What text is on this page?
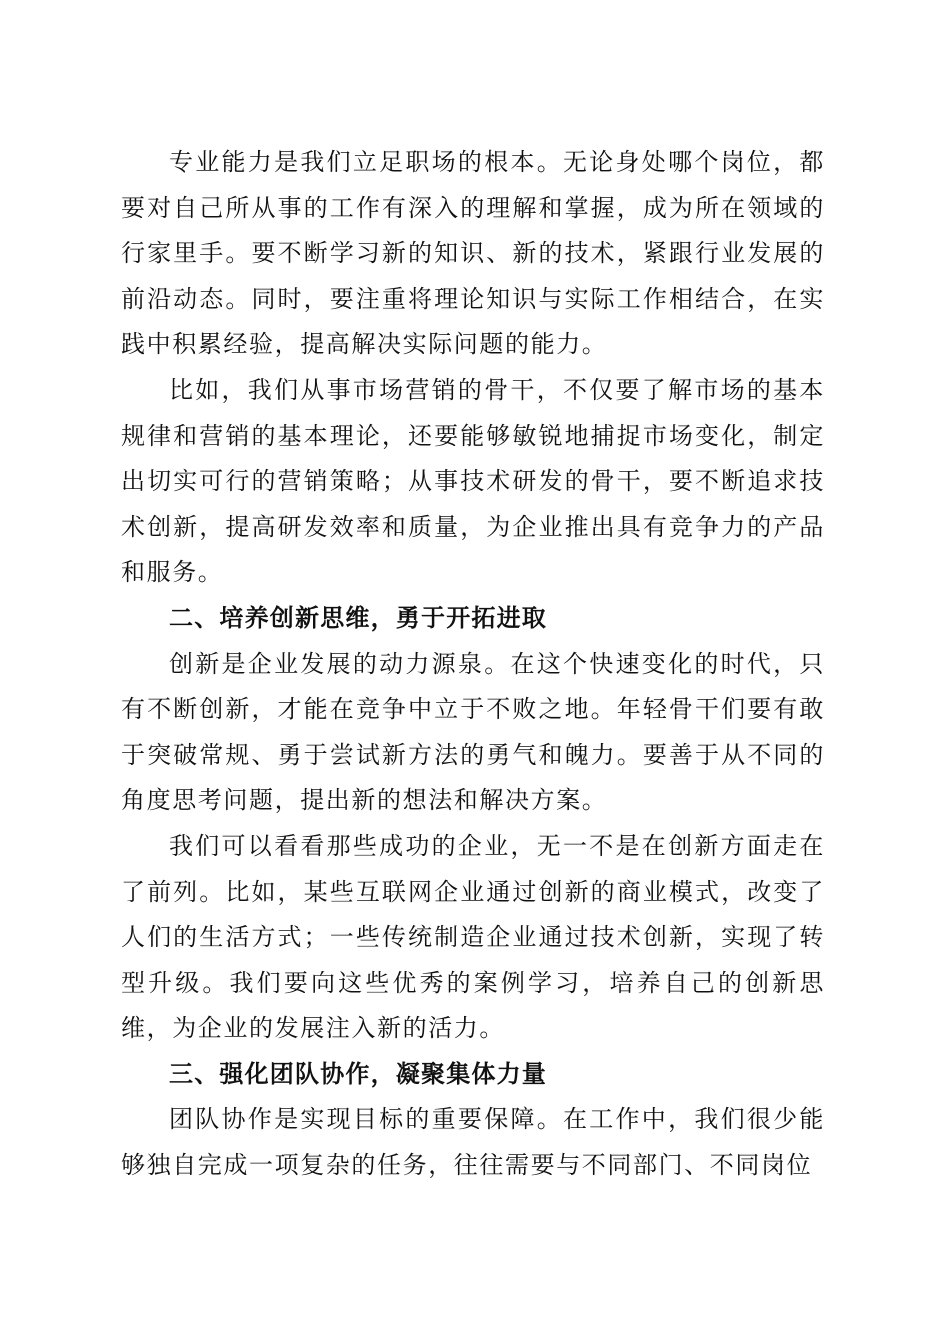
专业能力是我们立足职场的根本。无论身处哪个岗位，都要对自己所从事的工作有深入的理解和掌握，成为所在领域的行家里手。要不断学习新的知识、新的技术，紧跟行业发展的前沿动态。同时，要注重将理论知识与实际工作相结合，在实践中积累经验，提高解决实际问题的能力。

比如，我们从事市场营销的骨干，不仅要了解市场的基本规律和营销的基本理论，还要能够敏锐地捕捉市场变化，制定出切实可行的营销策略；从事技术研发的骨干，要不断追求技术创新，提高研发效率和质量，为企业推出具有竞争力的产品和服务。

二、培养创新思维，勇于开拓进取

创新是企业发展的动力源泉。在这个快速变化的时代，只有不断创新，才能在竞争中立于不败之地。年轻骨干们要有敢于突破常规、勇于尝试新方法的勇气和魄力。要善于从不同的角度思考问题，提出新的想法和解决方案。

我们可以看看那些成功的企业，无一不是在创新方面走在了前列。比如，某些互联网企业通过创新的商业模式，改变了人们的生活方式；一些传统制造企业通过技术创新，实现了转型升级。我们要向这些优秀的案例学习，培养自己的创新思维，为企业的发展注入新的活力。

三、强化团队协作，凝聚集体力量

团队协作是实现目标的重要保障。在工作中，我们很少能够独自完成一项复杂的任务，往往需要与不同部门、不同岗位
